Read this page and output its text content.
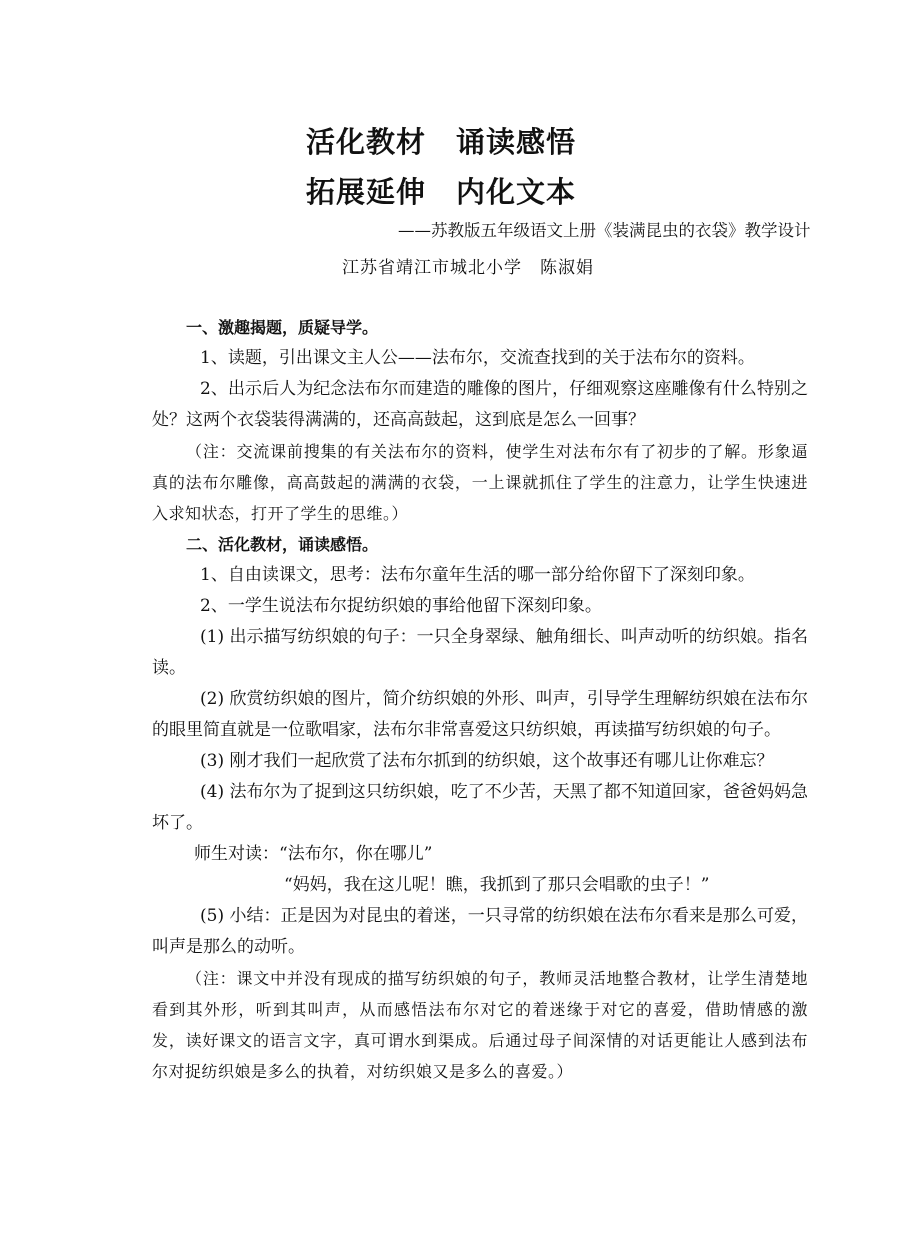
活化教材　诵读感悟
拓展延伸　内化文本
——苏教版五年级语文上册《装满昆虫的衣袋》教学设计
江苏省靖江市城北小学　陈淑娟

一、激趣揭题，质疑导学。

1、读题，引出课文主人公——法布尔，交流查找到的关于法布尔的资料。

2、出示后人为纪念法布尔而建造的雕像的图片，仔细观察这座雕像有什么特别之处？这两个衣袋装得满满的，还高高鼓起，这到底是怎么一回事？

（注：交流课前搜集的有关法布尔的资料，使学生对法布尔有了初步的了解。形象逼真的法布尔雕像，高高鼓起的满满的衣袋，一上课就抓住了学生的注意力，让学生快速进入求知状态，打开了学生的思维。）

二、活化教材，诵读感悟。

1、自由读课文，思考：法布尔童年生活的哪一部分给你留下了深刻印象。

2、一学生说法布尔捉纺织娘的事给他留下深刻印象。

(1) 出示描写纺织娘的句子：一只全身翠绿、触角细长、叫声动听的纺织娘。指名读。

(2) 欣赏纺织娘的图片，简介纺织娘的外形、叫声，引导学生理解纺织娘在法布尔的眼里简直就是一位歌唱家，法布尔非常喜爱这只纺织娘，再读描写纺织娘的句子。

(3) 刚才我们一起欣赏了法布尔抓到的纺织娘，这个故事还有哪儿让你难忘？

(4) 法布尔为了捉到这只纺织娘，吃了不少苦，天黑了都不知道回家，爸爸妈妈急坏了。

师生对读：“法布尔，你在哪儿”

“妈妈，我在这儿呢！瞧，我抓到了那只会唱歌的虫子！”

(5) 小结：正是因为对昆虫的着迷，一只寻常的纺织娘在法布尔看来是那么可爱，叫声是那么的动听。

（注：课文中并没有现成的描写纺织娘的句子，教师灵活地整合教材，让学生清楚地看到其外形，听到其叫声，从而感悟法布尔对它的着迷缘于对它的喜爱，借助情感的激发，读好课文的语言文字，真可谓水到渠成。后通过母子间深情的对话更能让人感到法布尔对捉纺织娘是多么的执着，对纺织娘又是多么的喜爱。）
